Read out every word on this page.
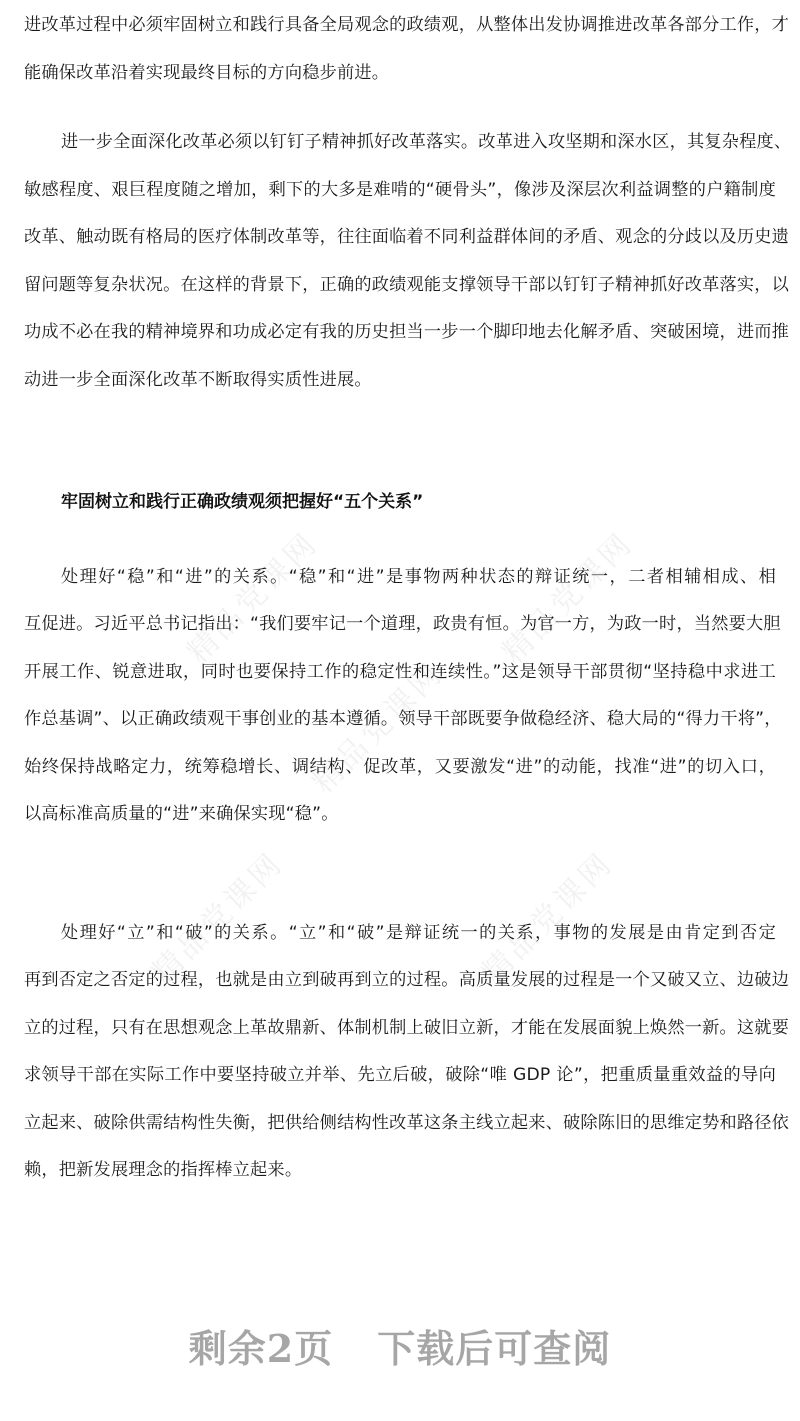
精品党课网	精品党课网
精品党课网
精品党课网	精品党课网
进改革过程中必须牢固树立和践行具备全局观念的政绩观，从整体出发协调推进改革各部分工作，才
能确保改革沿着实现最终目标的方向稳步前进。
进一步全面深化改革必须以钉钉子精神抓好改革落实。改革进入攻坚期和深水区，其复杂程度、
敏感程度、艰巨程度随之增加，剩下的大多是难啃的“硬骨头”，像涉及深层次利益调整的户籍制度
改革、触动既有格局的医疗体制改革等，往往面临着不同利益群体间的矛盾、观念的分歧以及历史遗
留问题等复杂状况。在这样的背景下，正确的政绩观能支撑领导干部以钉钉子精神抓好改革落实，以
功成不必在我的精神境界和功成必定有我的历史担当一步一个脚印地去化解矛盾、突破困境，进而推
动进一步全面深化改革不断取得实质性进展。
牢固树立和践行正确政绩观须把握好“五个关系”
处理好“稳”和“进”的关系。“稳”和“进”是事物两种状态的辩证统一，二者相辅相成、相
互促进。习近平总书记指出：“我们要牢记一个道理，政贵有恒。为官一方，为政一时，当然要大胆
开展工作、锐意进取，同时也要保持工作的稳定性和连续性。”这是领导干部贯彻“坚持稳中求进工
作总基调”、以正确政绩观干事创业的基本遵循。领导干部既要争做稳经济、稳大局的“得力干将”，
始终保持战略定力，统筹稳增长、调结构、促改革，又要激发“进”的动能，找准“进”的切入口，
以高标准高质量的“进”来确保实现“稳”。
处理好“立”和“破”的关系。“立”和“破”是辩证统一的关系，事物的发展是由肯定到否定
再到否定之否定的过程，也就是由立到破再到立的过程。高质量发展的过程是一个又破又立、边破边
立的过程，只有在思想观念上革故鼎新、体制机制上破旧立新，才能在发展面貌上焕然一新。这就要
求领导干部在实际工作中要坚持破立并举、先立后破，破除“唯 GDP 论”，把重质量重效益的导向
立起来、破除供需结构性失衡，把供给侧结构性改革这条主线立起来、破除陈旧的思维定势和路径依
赖，把新发展理念的指挥棒立起来。
剩余2页 下载后可查阅
